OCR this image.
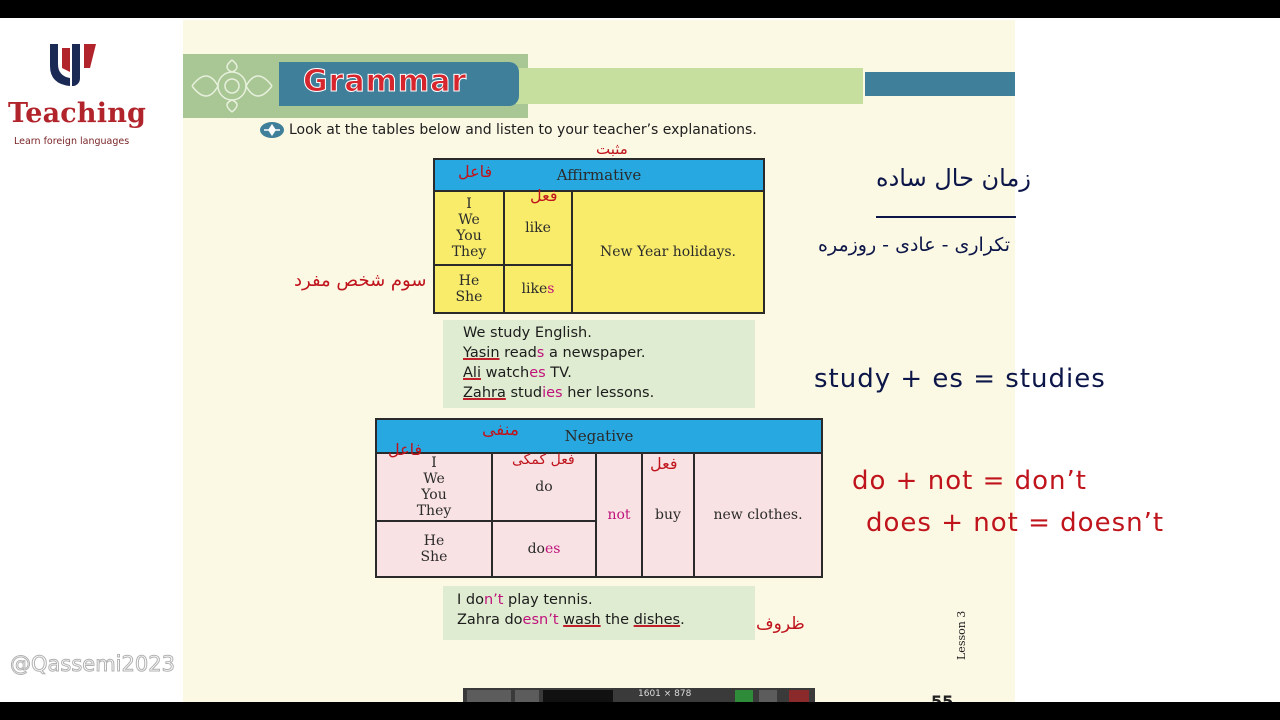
Teaching
Learn foreign languages
Grammar
Look at the tables below and listen to your teacher’s explanations.
Affirmative		

I
We
You
They	like	New Year holidays.

He
She	likes	
We study English.
Yasin reads a newspaper.
Ali watches TV.
Zahra studies her lessons.
Negative				

I
We
You
They	do	not	buy	new clothes.

He
She	does			
I don’t play tennis.
Zahra doesn’t wash the dishes.	Lesson 3
مثبت
فاعل
فعل
سوم شخص مفرد
منفی
فاعل
فعل کمکی	فعل
ظروف
زمان حال ساده
تکراری - عادی - روزمره
study + es = studies
do + not = don’t
does + not = doesn’t
@Qassemi2023
1601 × 878
